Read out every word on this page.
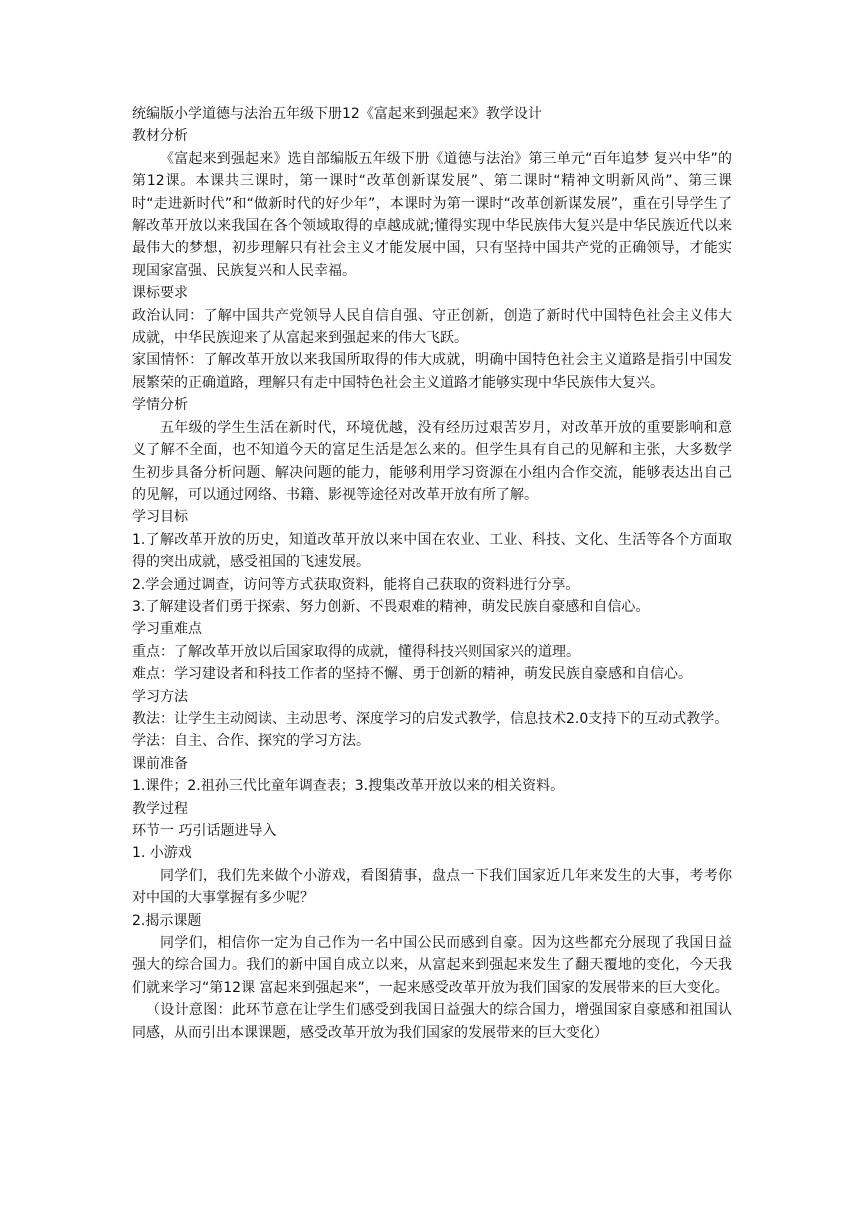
统编版小学道德与法治五年级下册12《富起来到强起来》教学设计

教材分析

《富起来到强起来》选自部编版五年级下册《道德与法治》第三单元“百年追梦 复兴中华”的第12课。本课共三课时，第一课时“改革创新谋发展”、第二课时“精神文明新风尚”、第三课时“走进新时代”和“做新时代的好少年”，本课时为第一课时“改革创新谋发展”，重在引导学生了解改革开放以来我国在各个领域取得的卓越成就;懂得实现中华民族伟大复兴是中华民族近代以来最伟大的梦想，初步理解只有社会主义才能发展中国，只有坚持中国共产党的正确领导，才能实现国家富强、民族复兴和人民幸福。

课标要求

政治认同：了解中国共产党领导人民自信自强、守正创新，创造了新时代中国特色社会主义伟大成就，中华民族迎来了从富起来到强起来的伟大飞跃。

家国情怀：了解改革开放以来我国所取得的伟大成就，明确中国特色社会主义道路是指引中国发展繁荣的正确道路，理解只有走中国特色社会主义道路才能够实现中华民族伟大复兴。

学情分析

五年级的学生生活在新时代，环境优越，没有经历过艰苦岁月，对改革开放的重要影响和意义了解不全面，也不知道今天的富足生活是怎么来的。但学生具有自己的见解和主张，大多数学生初步具备分析问题、解决问题的能力，能够利用学习资源在小组内合作交流，能够表达出自己的见解，可以通过网络、书籍、影视等途径对改革开放有所了解。

学习目标

1.了解改革开放的历史，知道改革开放以来中国在农业、工业、科技、文化、生活等各个方面取得的突出成就，感受祖国的飞速发展。

2.学会通过调查，访问等方式获取资料，能将自己获取的资料进行分享。

3.了解建设者们勇于探索、努力创新、不畏艰难的精神，萌发民族自豪感和自信心。

学习重难点

重点：了解改革开放以后国家取得的成就，懂得科技兴则国家兴的道理。

难点：学习建设者和科技工作者的坚持不懈、勇于创新的精神，萌发民族自豪感和自信心。

学习方法

教法：让学生主动阅读、主动思考、深度学习的启发式教学，信息技术2.0支持下的互动式教学。

学法：自主、合作、探究的学习方法。

课前准备

1.课件；2.祖孙三代比童年调查表；3.搜集改革开放以来的相关资料。

教学过程

环节一 巧引话题进导入

1. 小游戏

同学们，我们先来做个小游戏，看图猜事，盘点一下我们国家近几年来发生的大事，考考你对中国的大事掌握有多少呢？

2.揭示课题

同学们，相信你一定为自己作为一名中国公民而感到自豪。因为这些都充分展现了我国日益强大的综合国力。我们的新中国自成立以来，从富起来到强起来发生了翻天覆地的变化，今天我们就来学习“第12课 富起来到强起来”，一起来感受改革开放为我们国家的发展带来的巨大变化。

（设计意图：此环节意在让学生们感受到我国日益强大的综合国力，增强国家自豪感和祖国认同感，从而引出本课课题，感受改革开放为我们国家的发展带来的巨大变化）
